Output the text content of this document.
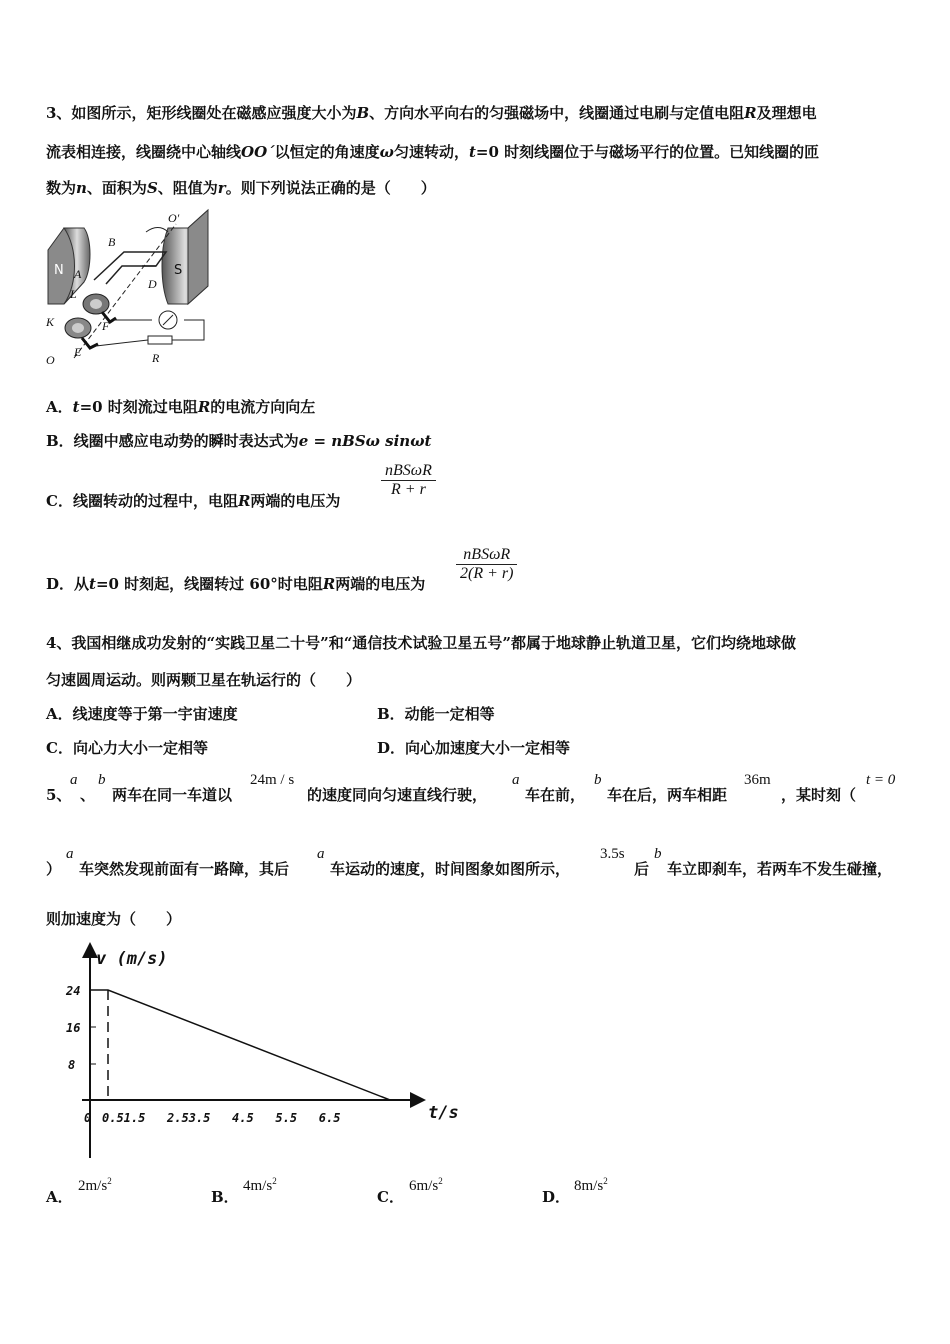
3、如图所示，矩形线圈处在磁感应强度大小为B、方向水平向右的匀强磁场中，线圈通过电刷与定值电阻R及理想电
流表相连接，线圈绕中心轴线OO´以恒定的角速度ω匀速转动，t=0 时刻线圈位于与磁场平行的位置。已知线圈的匝
数为n、面积为S、阻值为r。则下列说法正确的是（　　）
N	S
O′
B
A
D
L
K	F
E
O	R
A．t=0 时刻流过电阻R的电流方向向左
B．线圈中感应电动势的瞬时表达式为e = nBSω sinωt
C．线圈转动的过程中，电阻R两端的电压为
nBSωR
R + r
D．从t=0 时刻起，线圈转过 60°时电阻R两端的电压为
nBSωR
2(R + r)
4、我国相继成功发射的“实践卫星二十号”和“通信技术试验卫星五号”都属于地球静止轨道卫星，它们均绕地球做
匀速圆周运动。则两颗卫星在轨运行的（　　）
A．线速度等于第一宇宙速度	B．动能一定相等
C．向心力大小一定相等	D．向心加速度大小一定相等
5、
a
、
b
两车在同一车道以
24m / s
的速度同向匀速直线行驶，
a
车在前，
b
车在后，两车相距
36m
，某时刻（
t = 0
）
a
车突然发现前面有一路障，其后
a
车运动的速度，时间图象如图所示，
3.5s
后
b
车立即刹车，若两车不发生碰撞，
则加速度为（　　）
v (m/s)
t/s
24
16
8
0 0.51.5   2.53.5   4.5   5.5   6.5
A．
$2m/s^2$
B．
$4m/s^2$
C．
$6m/s^2$
D．
$8m/s^2$
